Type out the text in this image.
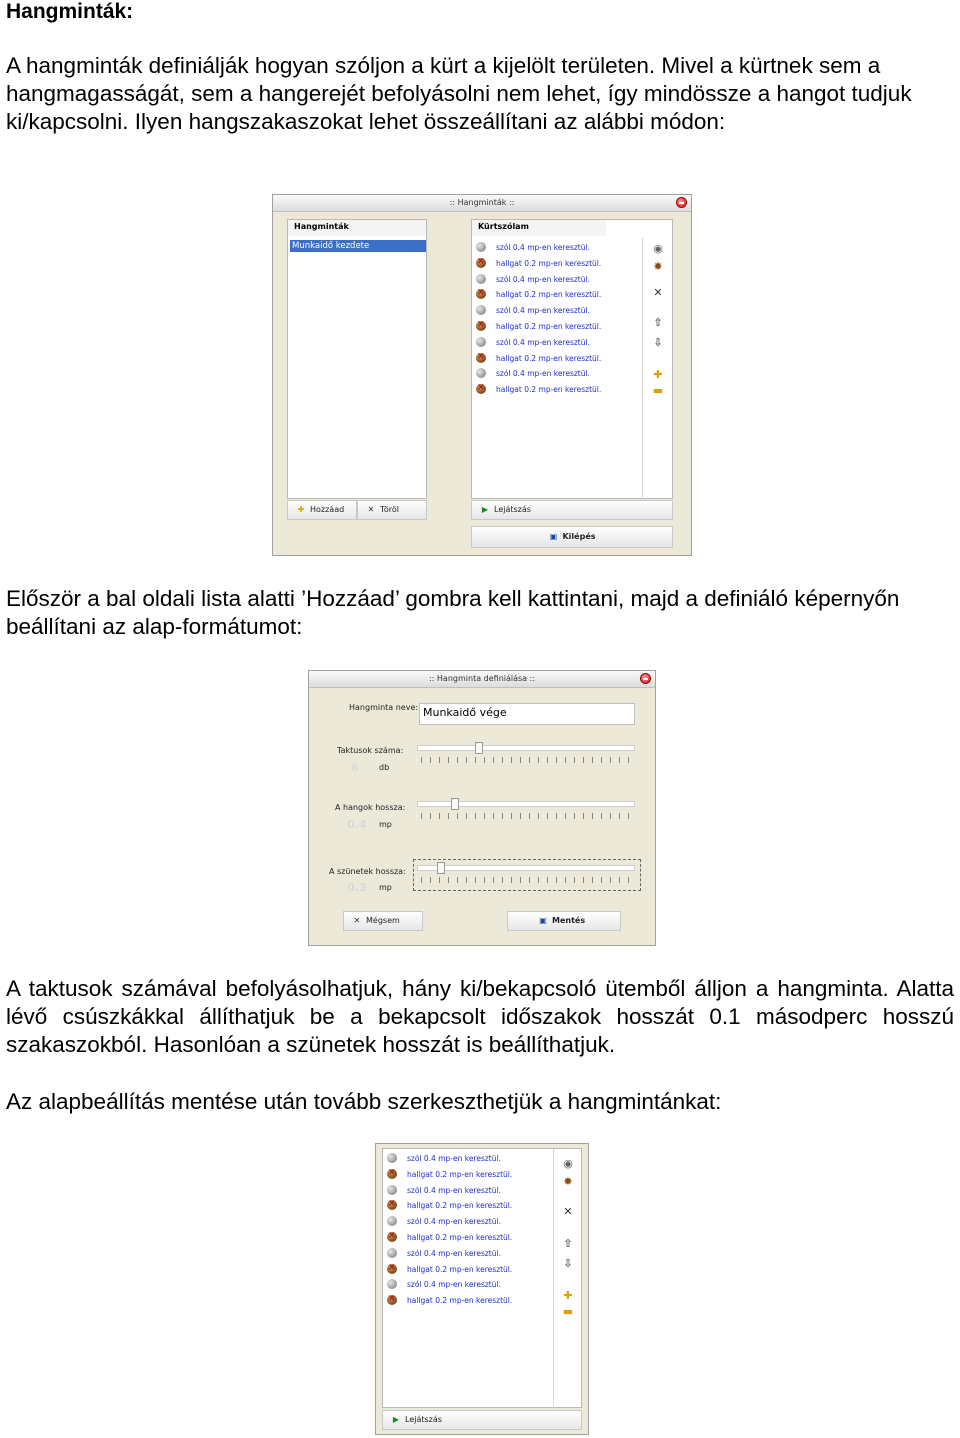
Hangminták:

A hangminták definiálják hogyan szóljon a kürt a kijelölt területen. Mivel a kürtnek sem a hangmagasságát, sem a hangerejét befolyásolni nem lehet, így mindössze a hangot tudjuk ki/kapcsolni. Ilyen hangszakaszokat lehet összeállítani az alábbi módon:

:: Hangminták ::
Hangminták
Munkaidő kezdete
✚ Hozzáad	✕ Töröl
Kürtszólam
szól 0.4 mp-en keresztül.
✕
hallgat 0.2 mp-en keresztül.
szól 0.4 mp-en keresztül.
✕
hallgat 0.2 mp-en keresztül.
szól 0.4 mp-en keresztül.
✕
hallgat 0.2 mp-en keresztül.
szól 0.4 mp-en keresztül.
✕
hallgat 0.2 mp-en keresztül.
szól 0.4 mp-en keresztül.
✕
hallgat 0.2 mp-en keresztül.
◉
✸
✕
⇧
⇩
✚
▬
▶ Lejátszás
▣ Kilépés

Először a bal oldali lista alatti ’Hozzáad’ gombra kell kattintani, majd a definiáló képernyőn beállítani az alap-formátumot:

:: Hangminta definiálása ::
Hangminta neve: Munkaidő vége
Taktusok száma:
6	db
A hangok hossza:
0.4 mp
A szünetek hossza:
0.3 mp
✕ Mégsem	▣ Mentés

A taktusok számával befolyásolhatjuk, hány ki/bekapcsoló ütemből álljon a hangminta. Alatta lévő csúszkákkal állíthatjuk be a bekapcsolt időszakok hosszát 0.1 másodperc hosszú szakaszokból. Hasonlóan a szünetek hosszát is beállíthatjuk.

Az alapbeállítás mentése után tovább szerkeszthetjük a hangmintánkat:

szól 0.4 mp-en keresztül.
✕
hallgat 0.2 mp-en keresztül.
szól 0.4 mp-en keresztül.
✕
hallgat 0.2 mp-en keresztül.
szól 0.4 mp-en keresztül.
✕
hallgat 0.2 mp-en keresztül.
szól 0.4 mp-en keresztül.
✕
hallgat 0.2 mp-en keresztül.
szól 0.4 mp-en keresztül.
✕
hallgat 0.2 mp-en keresztül.
◉
✸
✕
⇧
⇩
✚
▬
▶ Lejátszás
